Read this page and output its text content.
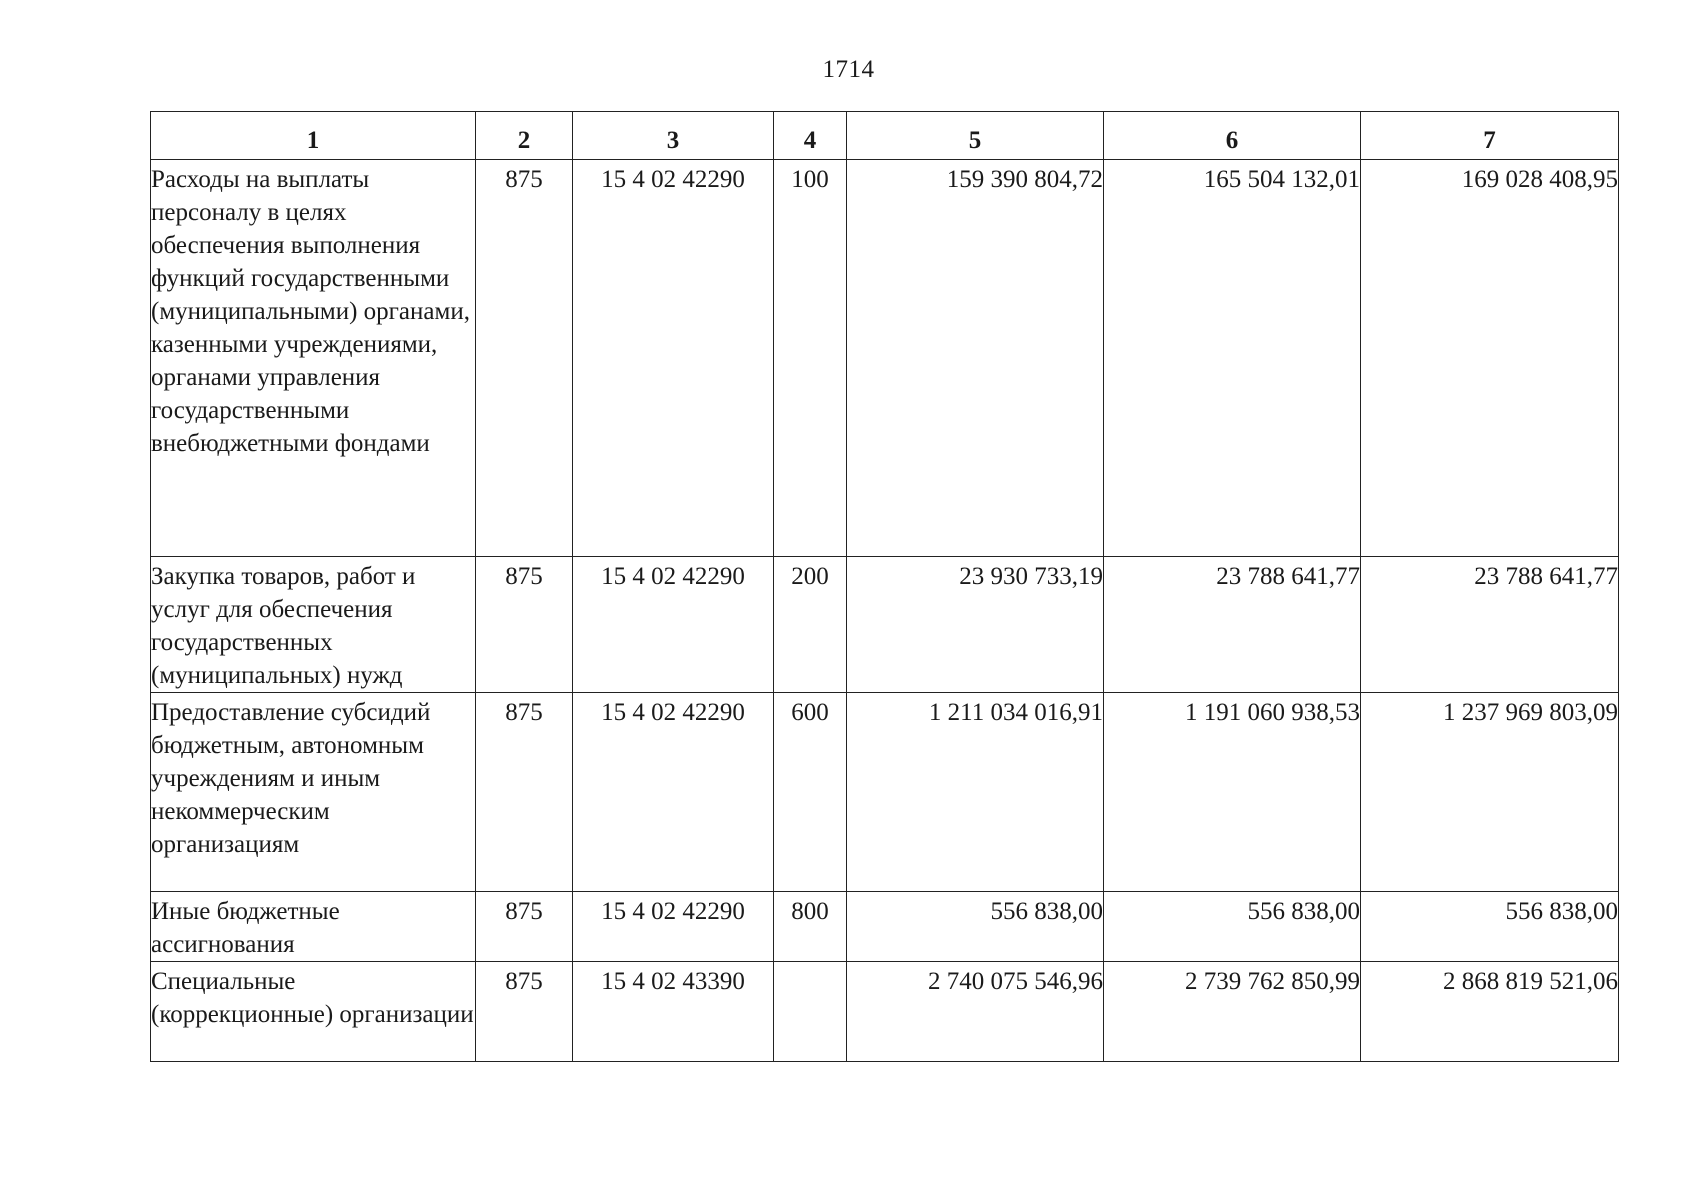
1714
1	2	3	4	5	6	7
Расходы на выплаты персоналу в целях обеспечения выполнения функций государственными (муниципальными) органами, казенными учреждениями, органами управления государственными внебюджетными фондами	875	15 4 02 42290	100	159 390 804,72	165 504 132,01	169 028 408,95
Закупка товаров, работ и услуг для обеспечения государственных (муниципальных) нужд	875	15 4 02 42290	200	23 930 733,19	23 788 641,77	23 788 641,77
Предоставление субсидий бюджетным, автономным учреждениям и иным некоммерческим организациям	875	15 4 02 42290	600	1 211 034 016,91	1 191 060 938,53	1 237 969 803,09
Иные бюджетные ассигнования	875	15 4 02 42290	800	556 838,00	556 838,00	556 838,00
Специальные (коррекционные) организации	875	15 4 02 43390		2 740 075 546,96	2 739 762 850,99	2 868 819 521,06
